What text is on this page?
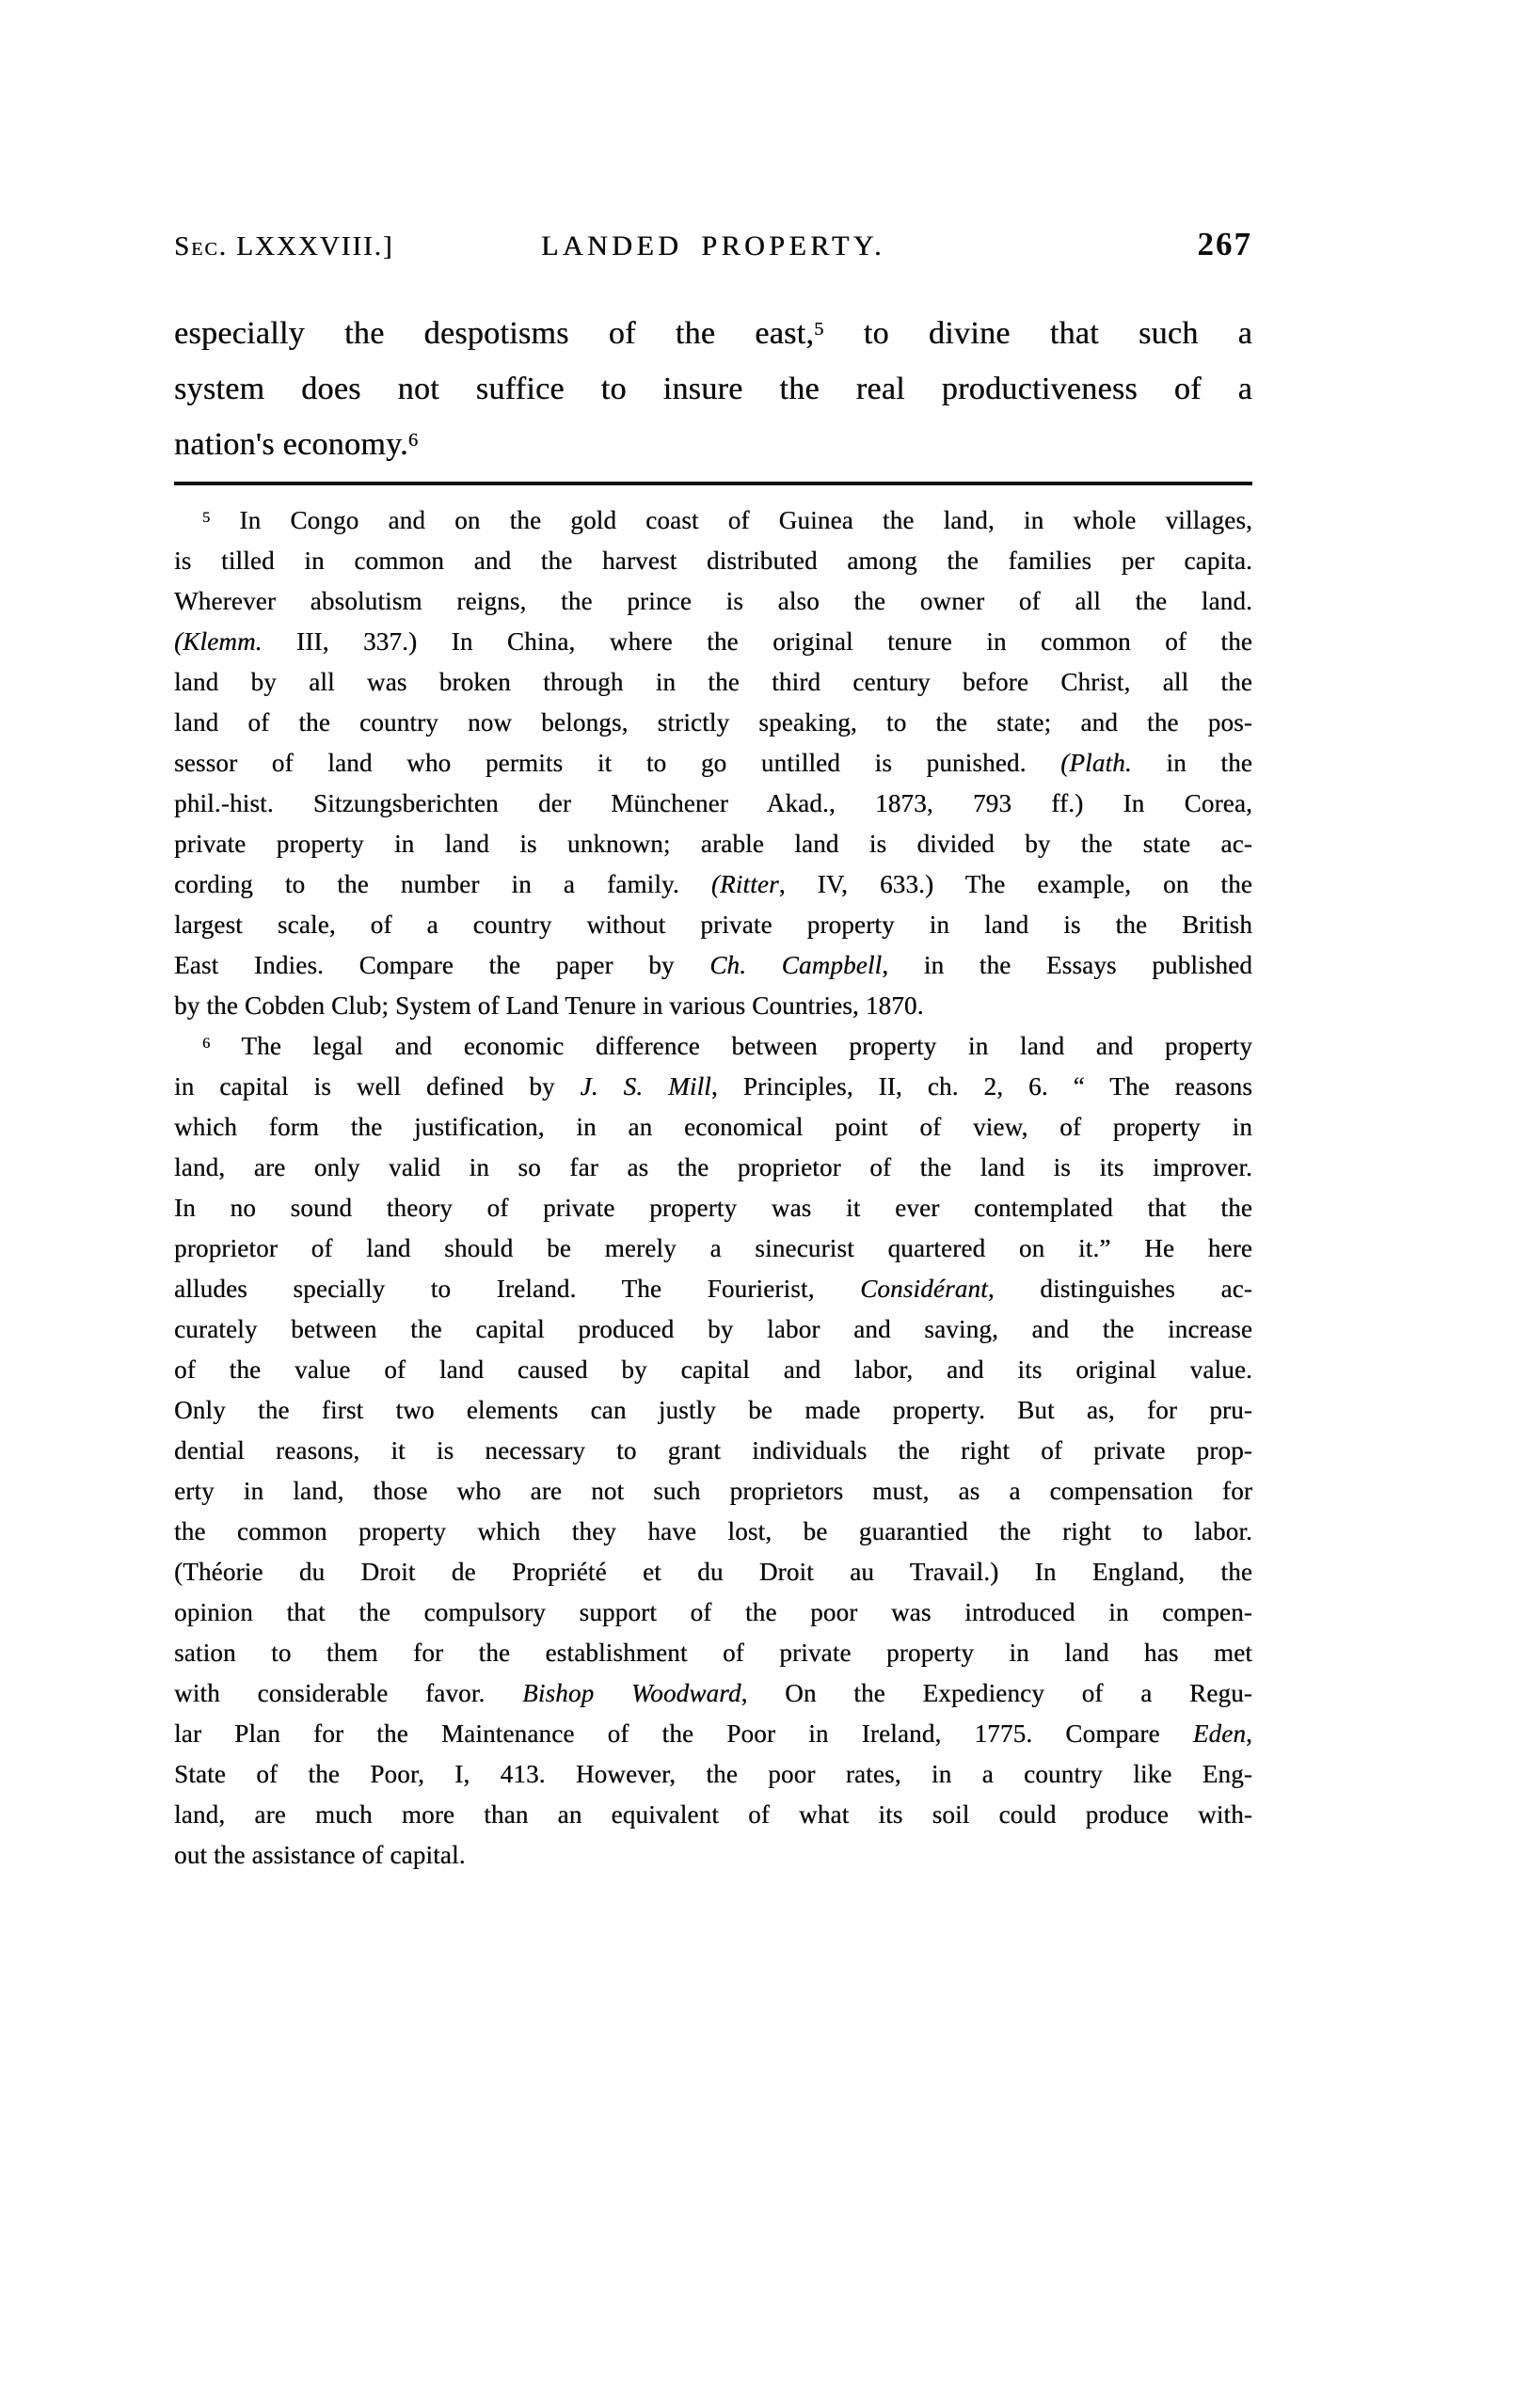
Sec. LXXXVIII.]	LANDED PROPERTY.	267
especially the despotisms of the east,$^5$ to divine that such a
system does not suffice to insure the real productiveness of a
nation's economy.$^6$
$^5$ In Congo and on the gold coast of Guinea the land, in whole villages,
is tilled in common and the harvest distributed among the families per capita.
Wherever absolutism reigns, the prince is also the owner of all the land.
(Klemm. III, 337.) In China, where the original tenure in common of the
land by all was broken through in the third century before Christ, all the
land of the country now belongs, strictly speaking, to the state; and the pos-
sessor of land who permits it to go untilled is punished. (Plath. in the
phil.-hist. Sitzungsberichten der Münchener Akad., 1873, 793 ff.) In Corea,
private property in land is unknown; arable land is divided by the state ac-
cording to the number in a family. (Ritter, IV, 633.) The example, on the
largest scale, of a country without private property in land is the British
East Indies. Compare the paper by Ch. Campbell, in the Essays published
by the Cobden Club; System of Land Tenure in various Countries, 1870.
$^6$ The legal and economic difference between property in land and property
in capital is well defined by J. S. Mill, Principles, II, ch. 2, 6. “ The reasons
which form the justification, in an economical point of view, of property in
land, are only valid in so far as the proprietor of the land is its improver.
In no sound theory of private property was it ever contemplated that the
proprietor of land should be merely a sinecurist quartered on it.” He here
alludes specially to Ireland. The Fourierist, Considérant, distinguishes ac-
curately between the capital produced by labor and saving, and the increase
of the value of land caused by capital and labor, and its original value.
Only the first two elements can justly be made property. But as, for pru-
dential reasons, it is necessary to grant individuals the right of private prop-
erty in land, those who are not such proprietors must, as a compensation for
the common property which they have lost, be guarantied the right to labor.
(Théorie du Droit de Propriété et du Droit au Travail.) In England, the
opinion that the compulsory support of the poor was introduced in compen-
sation to them for the establishment of private property in land has met
with considerable favor. Bishop Woodward, On the Expediency of a Regu-
lar Plan for the Maintenance of the Poor in Ireland, 1775. Compare Eden,
State of the Poor, I, 413. However, the poor rates, in a country like Eng-
land, are much more than an equivalent of what its soil could produce with-
out the assistance of capital.
